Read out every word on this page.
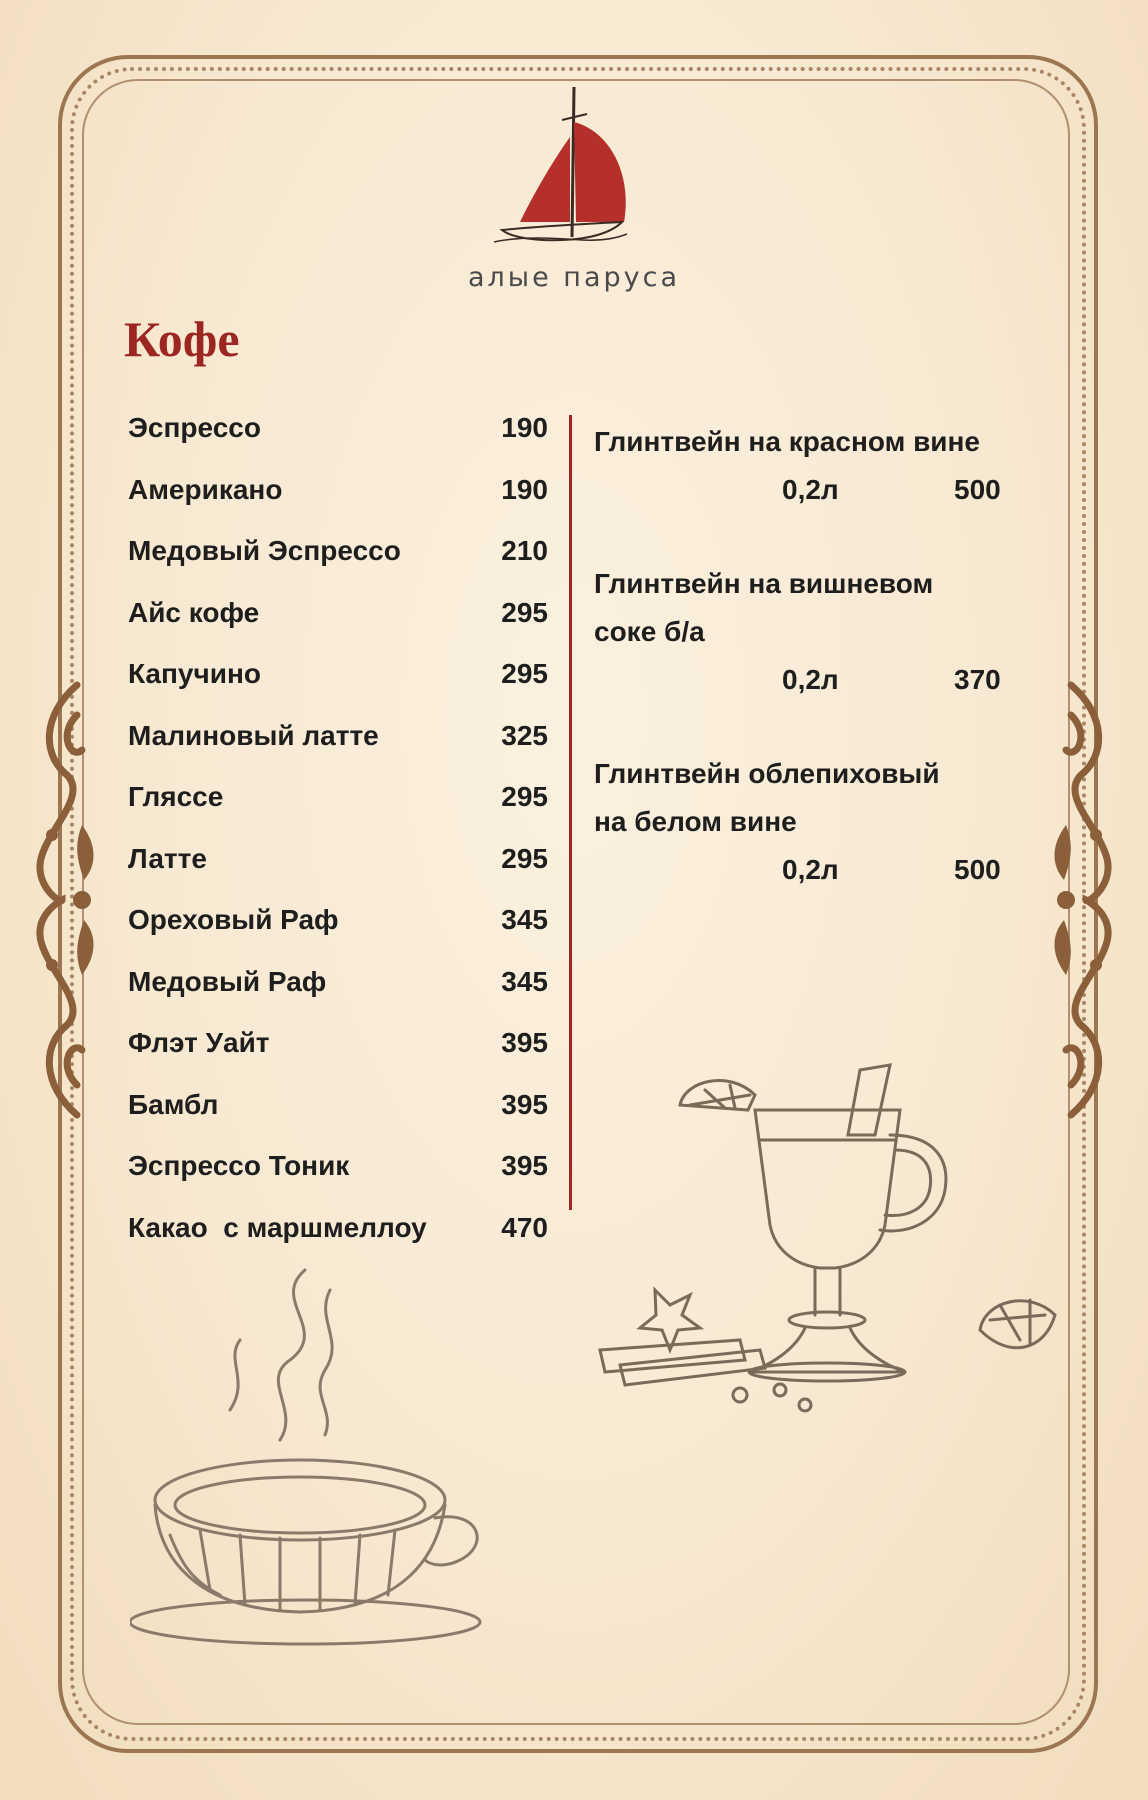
алые паруса
Кофе
Эспрессо	190
Американо	190
Медовый Эспрессо	210
Айс кофе	295
Капучино	295
Малиновый латте	325
Гляссе	295
Латте	295
Ореховый Раф	345
Медовый Раф	345
Флэт Уайт	395
Бамбл	395
Эспрессо Тоник	395
Какао  с маршмеллоу	470
Глинтвейн на красном вине
0,2л	500
Глинтвейн на вишневом
соке б/а
0,2л	370
Глинтвейн облепиховый
на белом вине
0,2л	500
